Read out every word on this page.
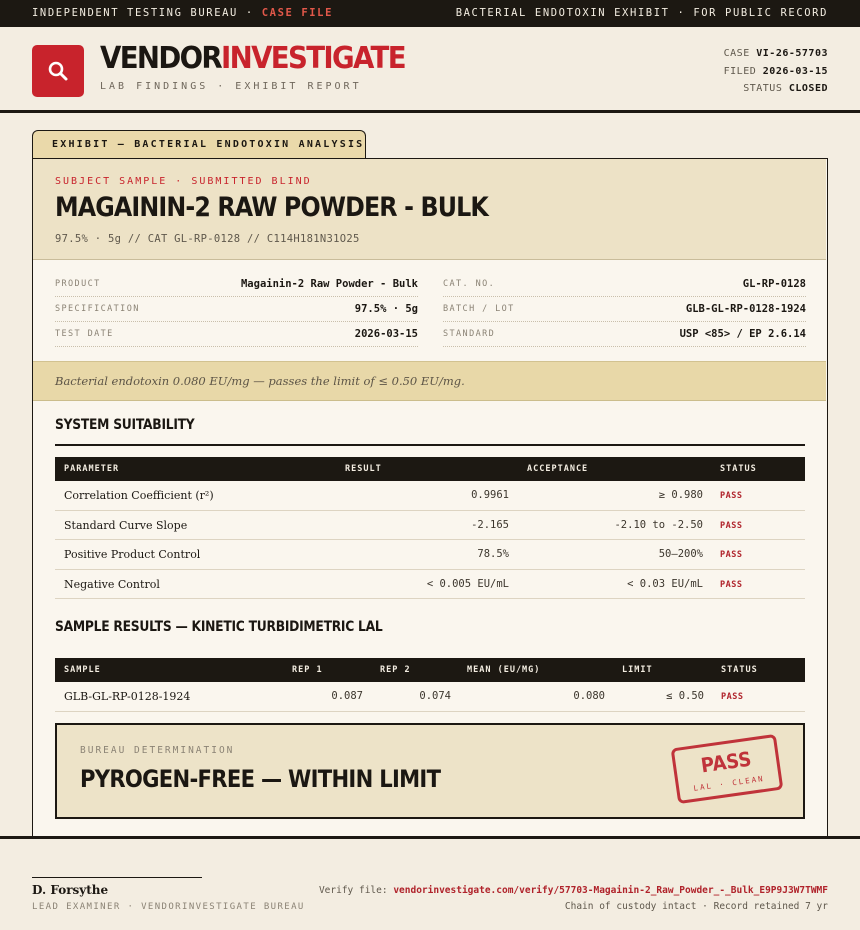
INDEPENDENT TESTING BUREAU · CASE FILE	BACTERIAL ENDOTOXIN EXHIBIT · FOR PUBLIC RECORD
VENDORINVESTIGATE
LAB FINDINGS · EXHIBIT REPORT
CASE VI-26-57703
FILED 2026-03-15
STATUS CLOSED
EXHIBIT — BACTERIAL ENDOTOXIN ANALYSIS
SUBJECT SAMPLE · SUBMITTED BLIND
MAGAININ-2 RAW POWDER - BULK
97.5% · 5g // CAT GL-RP-0128 // C114H181N31O25
PRODUCT	Magainin-2 Raw Powder - Bulk
SPECIFICATION	97.5% · 5g
TEST DATE	2026-03-15
CAT. NO.	GL-RP-0128
BATCH / LOT	GLB-GL-RP-0128-1924
STANDARD	USP <85> / EP 2.6.14
Bacterial endotoxin 0.080 EU/mg — passes the limit of ≤ 0.50 EU/mg.
SYSTEM SUITABILITY
PARAMETER	RESULT	ACCEPTANCE	STATUS
Correlation Coefficient (r²)	0.9961	≥ 0.980 PASS
Standard Curve Slope	-2.165	-2.10 to -2.50 PASS
Positive Product Control	78.5%	50–200% PASS
Negative Control	< 0.005 EU/mL	< 0.03 EU/mL PASS
SAMPLE RESULTS — KINETIC TURBIDIMETRIC LAL
SAMPLE	REP 1	REP 2	MEAN (EU/MG)	LIMIT	STATUS
GLB-GL-RP-0128-1924	0.087	0.074	0.080	≤ 0.50 PASS
BUREAU DETERMINATION
PYROGEN-FREE — WITHIN LIMIT
PASS
LAL · CLEAN
D. Forsythe
LEAD EXAMINER · VENDORINVESTIGATE BUREAU
Verify file: vendorinvestigate.com/verify/57703-Magainin-2_Raw_Powder_-_Bulk_E9P9J3W7TWMF
Chain of custody intact · Record retained 7 yr
